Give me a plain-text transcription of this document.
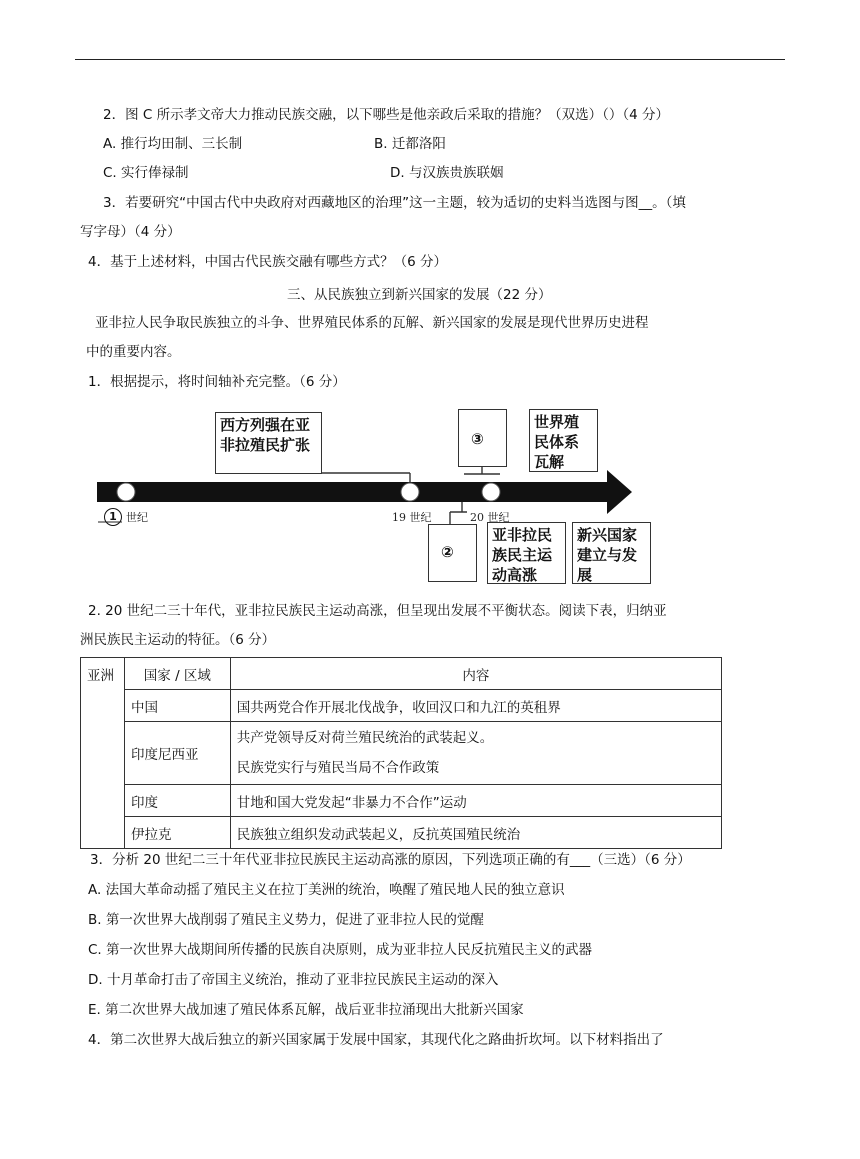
2．图 C 所示孝文帝大力推动民族交融，以下哪些是他亲政后采取的措施？（双选）（）（4 分）
A. 推行均田制、三长制	B. 迁都洛阳
C. 实行俸禄制	D. 与汉族贵族联姻
3．若要研究“中国古代中央政府对西藏地区的治理”这一主题，较为适切的史料当选图与图__。（填
写字母）（4 分）
4．基于上述材料，中国古代民族交融有哪些方式？（6 分）
三、从民族独立到新兴国家的发展（22 分）
亚非拉人民争取民族独立的斗争、世界殖民体系的瓦解、新兴国家的发展是现代世界历史进程
中的重要内容。
1．根据提示，将时间轴补充完整。（6 分）
西方列强在亚非拉殖民扩张	③
世界殖民体系瓦解
②
亚非拉民族民主运动高涨
新兴国家建立与发展
1 世纪	19 世纪	20 世纪
2. 20 世纪二三十年代，亚非拉民族民主运动高涨，但呈现出发展不平衡状态。阅读下表，归纳亚
洲民族民主运动的特征。（6 分）
亚洲	国家 / 区域	内容
	中国	国共两党合作开展北伐战争，收回汉口和九江的英租界
	印度尼西亚	共产党领导反对荷兰殖民统治的武装起义。
民族党实行与殖民当局不合作政策

	印度	甘地和国大党发起“非暴力不合作”运动
	伊拉克	民族独立组织发动武装起义，反抗英国殖民统治
3．分析 20 世纪二三十年代亚非拉民族民主运动高涨的原因，下列选项正确的有___（三选）（6 分）
A. 法国大革命动摇了殖民主义在拉丁美洲的统治，唤醒了殖民地人民的独立意识
B. 第一次世界大战削弱了殖民主义势力，促进了亚非拉人民的觉醒
C. 第一次世界大战期间所传播的民族自决原则，成为亚非拉人民反抗殖民主义的武器
D. 十月革命打击了帝国主义统治，推动了亚非拉民族民主运动的深入
E. 第二次世界大战加速了殖民体系瓦解，战后亚非拉涌现出大批新兴国家
4．第二次世界大战后独立的新兴国家属于发展中国家，其现代化之路曲折坎坷。以下材料指出了
